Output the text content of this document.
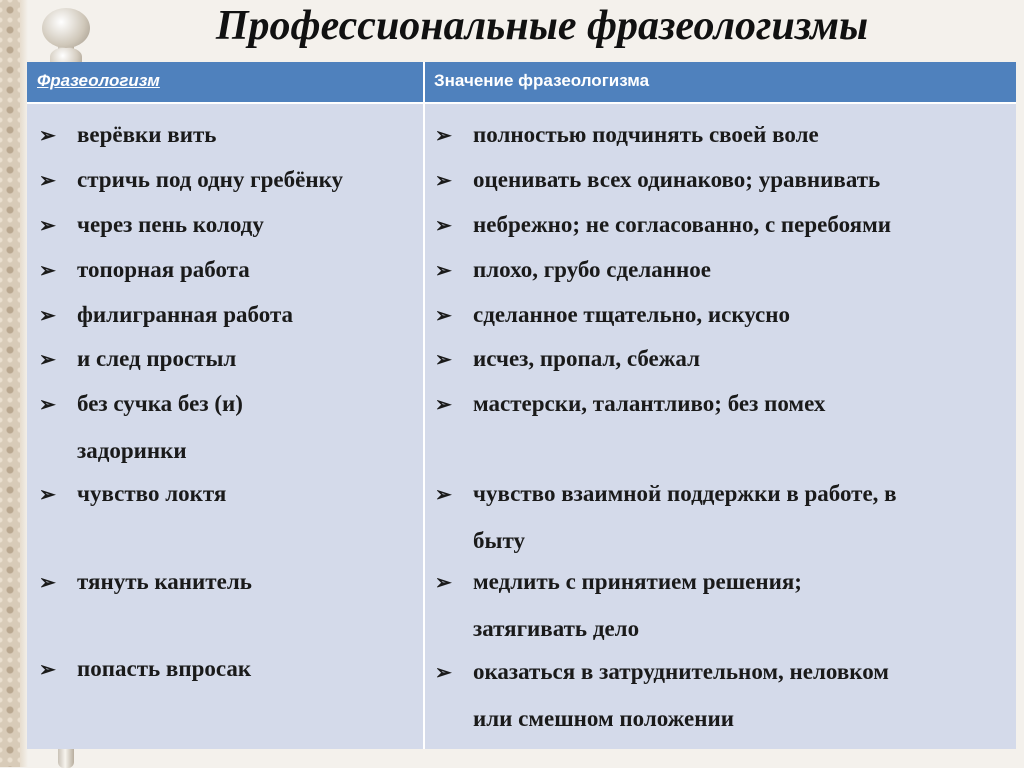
Профессиональные фразеологизмы
Фразеологизм	Значение фразеологизма
➢ верёвки вить
➢ стричь под одну гребёнку
➢ через пень колоду
➢ топорная работа
➢ филигранная работа
➢ и след простыл
➢ без сучка без (и)
задоринки
➢ чувство локтя
➢ тянуть канитель
➢ попасть впросак
➢ полностью подчинять своей воле
➢ оценивать всех одинаково; уравнивать
➢ небрежно; не согласованно, с перебоями
➢ плохо, грубо сделанное
➢ сделанное тщательно, искусно
➢ исчез, пропал, сбежал
➢ мастерски, талантливо; без помех
➢ чувство взаимной поддержки в работе, в
быту
➢ медлить с принятием решения;
затягивать дело
➢ оказаться в затруднительном, неловком
или смешном положении
